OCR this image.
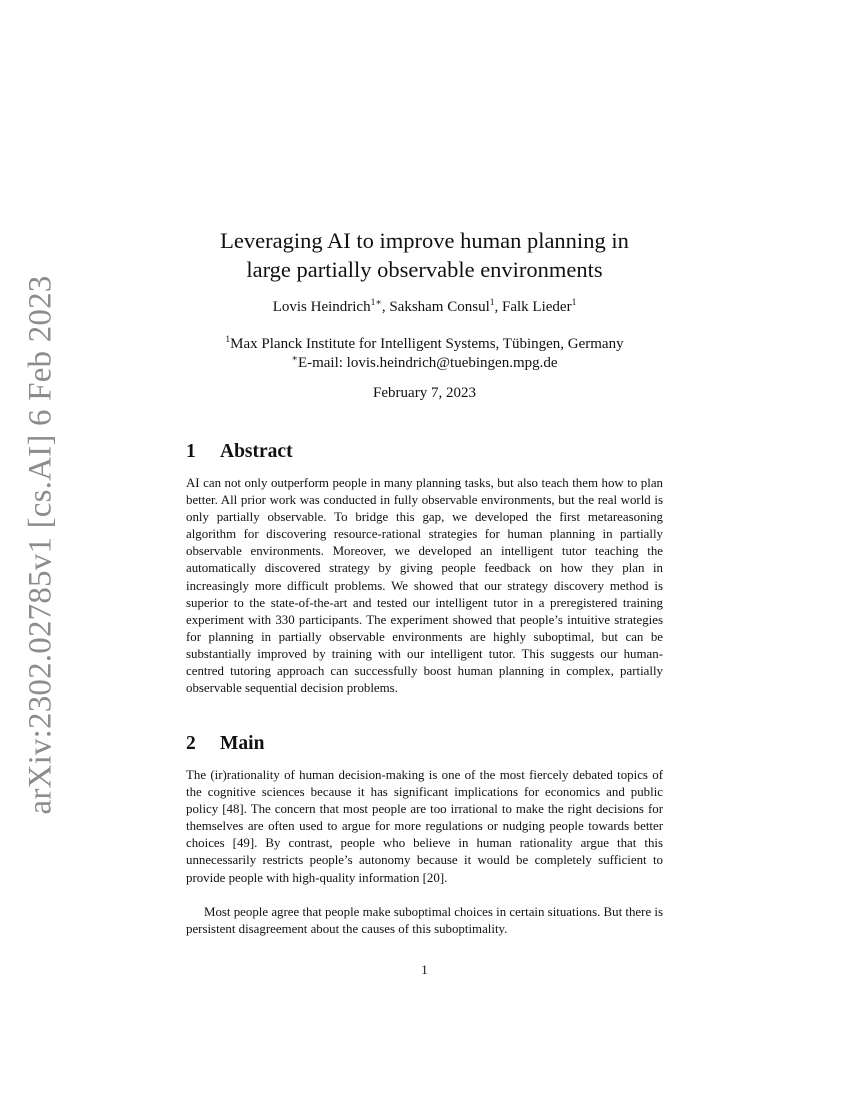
arXiv:2302.02785v1 [cs.AI] 6 Feb 2023
Leveraging AI to improve human planning in
large partially observable environments
Lovis Heindrich$^{1∗}$, Saksham Consul$^1$, Falk Lieder$^1$
$^1$Max Planck Institute for Intelligent Systems, Tübingen, Germany
∗E-mail: lovis.heindrich@tuebingen.mpg.de
February 7, 2023
1 Abstract

AI can not only outperform people in many planning tasks, but also teach them how to plan better. All prior work was conducted in fully observable environments, but the real world is only partially observable. To bridge this gap, we developed the first metareasoning algorithm for discovering resource-rational strategies for human planning in partially observable environments. Moreover, we developed an intelligent tutor teaching the automatically discovered strategy by giving people feedback on how they plan in increasingly more difficult problems. We showed that our strategy discovery method is superior to the state-of-the-art and tested our intelligent tutor in a preregistered training experiment with 330 participants. The experiment showed that people’s intuitive strategies for planning in partially observable environments are highly suboptimal, but can be substantially improved by training with our intelligent tutor. This suggests our human-centred tutoring approach can successfully boost human planning in complex, partially observable sequential decision problems.

2 Main

The (ir)rationality of human decision-making is one of the most fiercely debated topics of the cognitive sciences because it has significant implications for economics and public policy [48]. The concern that most people are too irrational to make the right decisions for themselves are often used to argue for more regulations or nudging people towards better choices [49]. By contrast, people who believe in human rationality argue that this unnecessarily restricts people’s autonomy because it would be completely sufficient to provide people with high-quality information [20].

Most people agree that people make suboptimal choices in certain situations. But there is persistent disagreement about the causes of this suboptimality.

1
